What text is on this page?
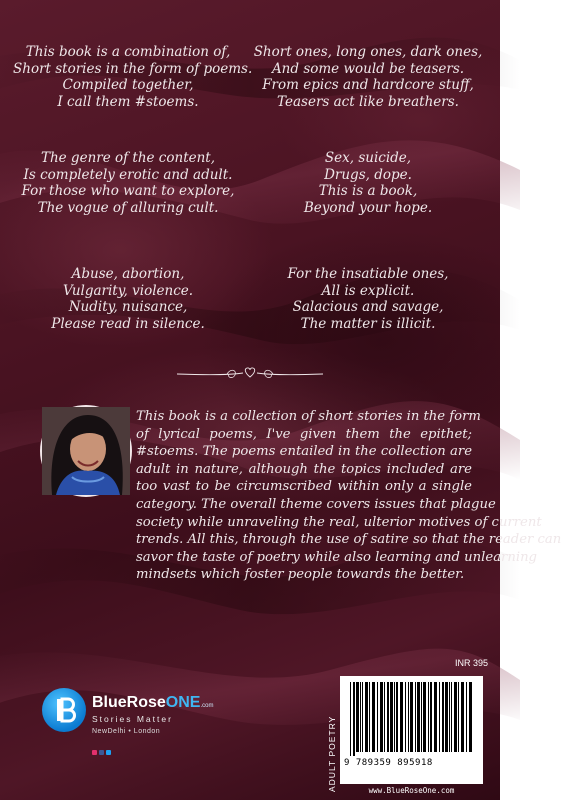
This book is a combination of,
Short stories in the form of poems.
Compiled together,
I call them #stoems.
Short ones, long ones, dark ones,
And some would be teasers.
From epics and hardcore stuff,
Teasers act like breathers.
The genre of the content,
Is completely erotic and adult.
For those who want to explore,
The vogue of alluring cult.
Sex, suicide,
Drugs, dope.
This is a book,
Beyond your hope.
Abuse, abortion,
Vulgarity, violence.
Nudity, nuisance,
Please read in silence.
For the insatiable ones,
All is explicit.
Salacious and savage,
The matter is illicit.
This book is a collection of short stories in the form
of lyrical poems, I've given them the epithet;
#stoems. The poems entailed in the collection are
adult in nature, although the topics included are
too vast to be circumscribed within only a single
category. The overall theme covers issues that plague
society while unraveling the real, ulterior motives of current
trends. All this, through the use of satire so that the reader can
savor the taste of poetry while also learning and unlearning
mindsets which foster people towards the better.
BlueRoseONE.com
Stories Matter
NewDelhi • London
INR 395
ADULT POETRY 9 789359 895918
www.BlueRoseOne.com
